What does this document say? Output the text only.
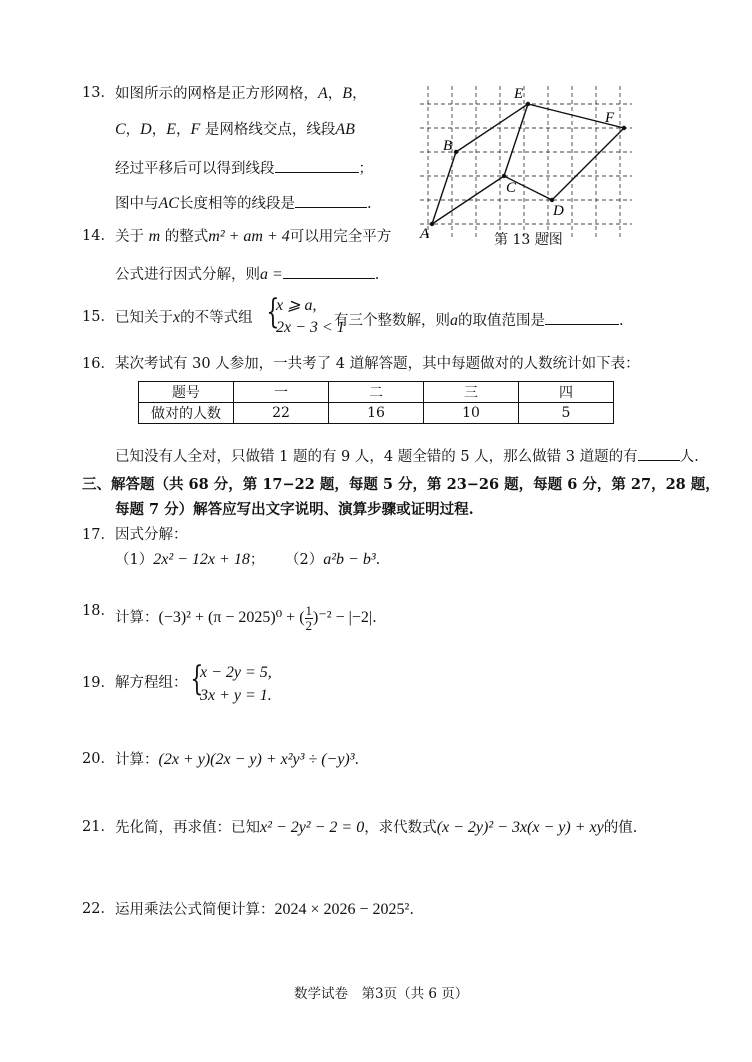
13． 如图所示的网格是正方形网格，A，B，
C，D，E，F 是网格线交点，线段AB
经过平移后可以得到线段	；
图中与AC长度相等的线段是	.
A
B
E
C
D
F
第 13 题图
14． 关于 m 的整式m² + am + 4可以用完全平方
公式进行因式分解，则a =	.
15． 已知关于x的不等式组 {
x ⩾ a,
2x − 3 < 1
有三个整数解，则a的取值范围是	.
16． 某次考试有 30 人参加，一共考了 4 道解答题，其中每题做对的人数统计如下表：
题号	一	二	三	四
做对的人数	22	16	10	5
已知没有人全对，只做错 1 题的有 9 人，4 题全错的 5 人，那么做错 3 道题的有	人.
三、解答题（共 68 分，第 17−22 题，每题 5 分，第 23−26 题，每题 6 分，第 27，28 题，
每题 7 分）解答应写出文字说明、演算步骤或证明过程.
17． 因式分解：
（1）2x² − 12x + 18； （2）a²b − b³.
18． 计算：(−3)² + (π − 2025)⁰ + ( $\frac{1}{2} )^{-2} - |-2|$.
19． 解方程组： {
x − 2y = 5,
3x + y = 1.
20． 计算：(2x + y)(2x − y) + x²y³ ÷ (−y)³.
21． 先化简，再求值：已知x² − 2y² − 2 = 0，求代数式(x − 2y)² − 3x(x − y) + xy的值.
22． 运用乘法公式简便计算：2024 × 2026 − 2025².
数学试卷　第3页（共 6 页）
